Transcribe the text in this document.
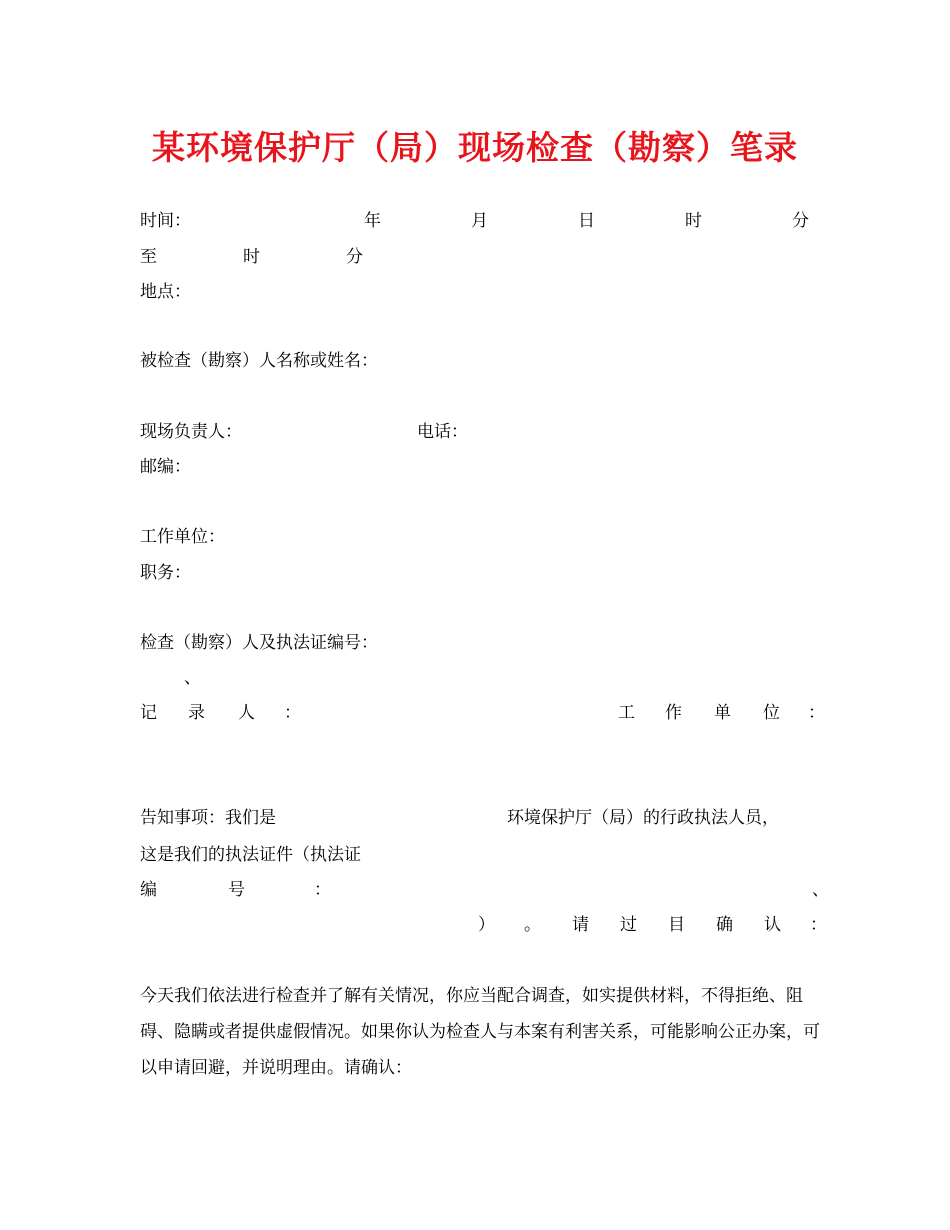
某环境保护厅（局）现场检查（勘察）笔录
时间：	年	月	日	时	分
至	时	分
地点：
被检查（勘察）人名称或姓名：
现场负责人：	电话：
邮编：
工作单位：
职务：
检查（勘察）人及执法证编号：
、
记 录 人 ：	工 作 单 位 ：
告知事项：我们是	环境保护厅（局）的行政执法人员，
这是我们的执法证件（执法证
编	号	：	、
） 。 请 过 目 确 认 ：
今天我们依法进行检查并了解有关情况，你应当配合调查，如实提供材料，不得拒绝、阻碍、隐瞒或者提供虚假情况。如果你认为检查人与本案有利害关系，可能影响公正办案，可以申请回避，并说明理由。请确认：
